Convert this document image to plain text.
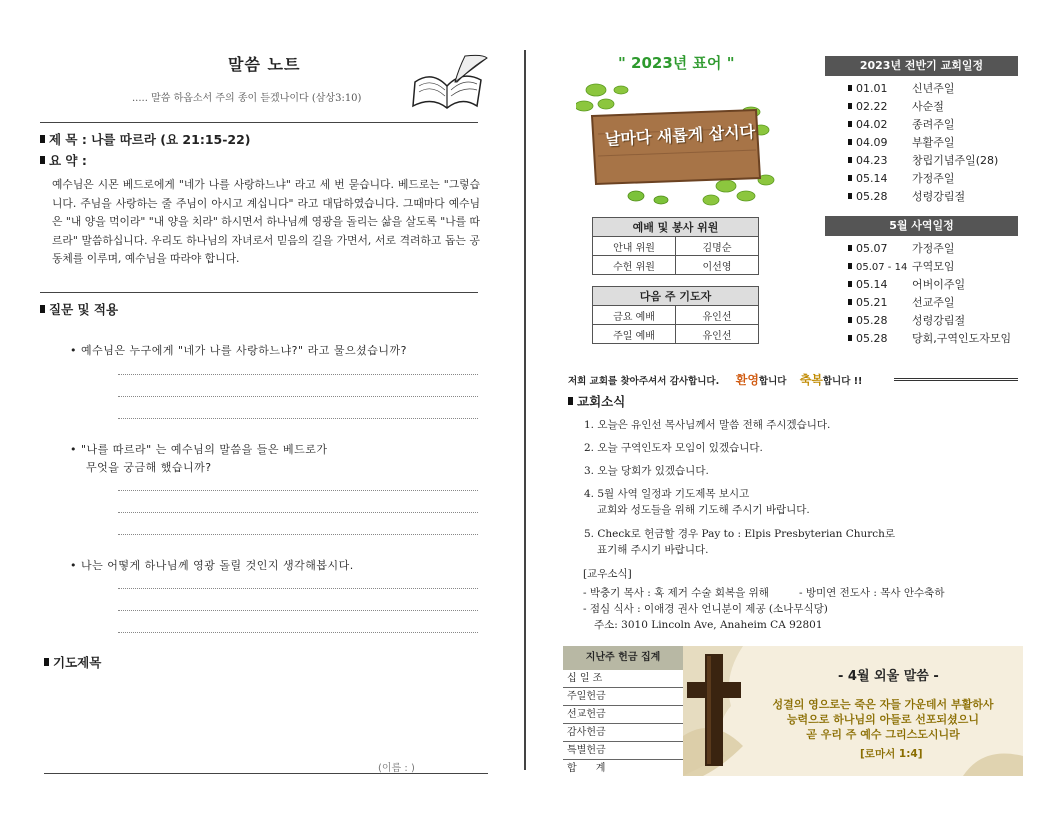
말씀 노트
..... 말씀 하옵소서 주의 종이 듣겠나이다 (삼상3:10)
제 목 : 나를 따르라 (요 21:15-22)
요 약 :
예수님은 시몬 베드로에게 "네가 나를 사랑하느냐" 라고 세 번 묻습니다. 베드로는 "그렇습니다. 주님을 사랑하는 줄 주님이 아시고 계십니다" 라고 대답하였습니다. 그때마다 예수님은 "내 양을 먹이라" "내 양을 치라" 하시면서 하나님께 영광을 돌리는 삶을 살도록 "나를 따르라" 말씀하십니다. 우리도 하나님의 자녀로서 믿음의 길을 가면서, 서로 격려하고 돕는 공동체를 이루며, 예수님을 따라야 합니다.
질문 및 적용
• 예수님은 누구에게 "네가 나를 사랑하느냐?" 라고 물으셨습니까?
• "나를 따르라" 는 예수님의 말씀을 들은 베드로가
무엇을 궁금해 했습니까?
• 나는 어떻게 하나님께 영광 돌릴 것인지 생각해봅시다.
기도제목
(이름 : )
" 2023년 표어 "
날마다 새롭게 삽시다
2023년 전반기 교회일정
01.01 신년주일
02.22 사순절
04.02 종려주일
04.09 부활주일
04.23 창립기념주일(28)
05.14 가정주일
05.28 성령강림절
5월 사역일정
05.07 가정주일
05.07 - 14 구역모임
05.14 어버이주일
05.21 선교주일
05.28 성령강림절
05.28 당회,구역인도자모임
예배 및 봉사 위원	
안내 위원	김명순
수헌 위원	이선영
다음 주 기도자	
금요 예배	유인선
주일 예배	유인선
저희 교회를 찾아주셔서 감사합니다. 환영합니다 축복합니다 !!
교회소식
1. 오늘은 유인선 목사님께서 말씀 전해 주시겠습니다.
2. 오늘 구역인도자 모임이 있겠습니다.
3. 오늘 당회가 있겠습니다.
4. 5월 사역 일정과 기도제목 보시고
교회와 성도들을 위해 기도해 주시기 바랍니다.
5. Check로 헌금할 경우 Pay to : Elpis Presbyterian Church로
표기해 주시기 바랍니다.
[교우소식]
- 박충기 목사 : 혹 제거 수술 회복을 위해         - 방미연 전도사 : 목사 안수축하
- 점심 식사 : 이애경 권사 언니분이 제공 (소나무식당)
주소: 3010 Lincoln Ave, Anaheim CA 92801
지난주 헌금 집계
십 일 조
주일헌금
선교헌금
감사헌금
특별헌금
합      계
- 4월 외울 말씀 -
성결의 영으로는 죽은 자들 가운데서 부활하사
능력으로 하나님의 아들로 선포되셨으니
곧 우리 주 예수 그리스도시니라
[로마서 1:4]
